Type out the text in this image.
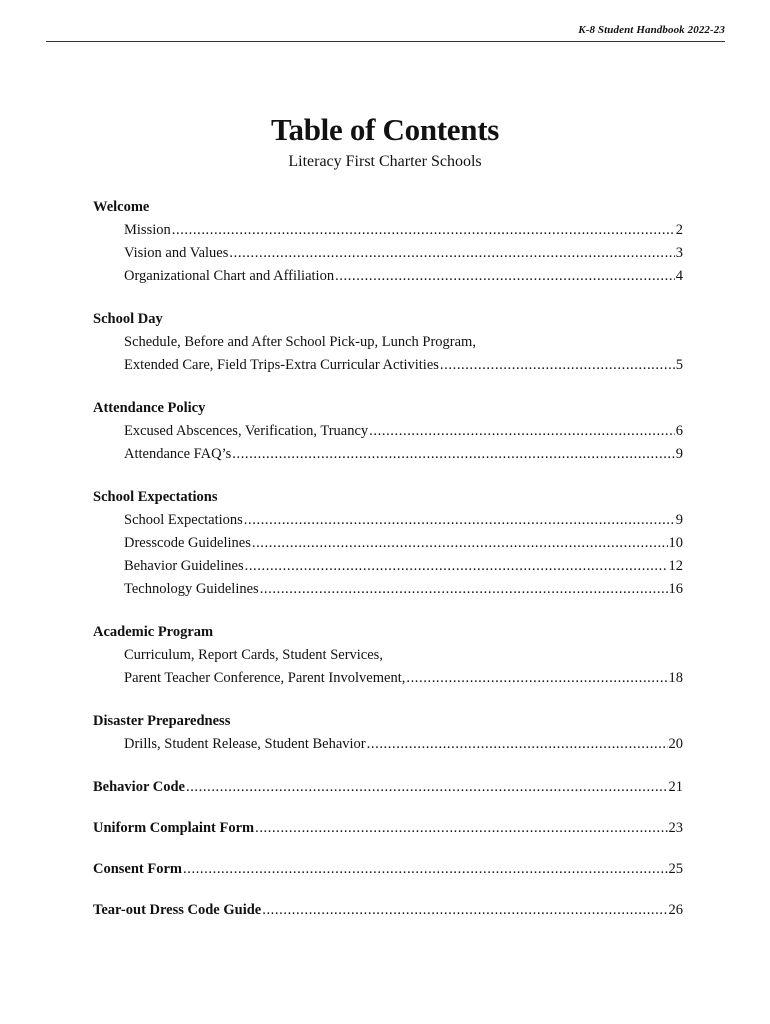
K-8 Student Handbook 2022-23
Table of Contents
Literacy First Charter Schools
Welcome
Mission .....	2
Vision and Values .....	3
Organizational Chart and Affiliation .....	4
School Day
Schedule, Before and After School Pick-up, Lunch Program,
Extended Care, Field Trips-Extra Curricular Activities .....	5
Attendance Policy
Excused Abscences, Verification, Truancy .....	6
Attendance FAQ’s .....	9
School Expectations
School Expectations .....	9
Dresscode Guidelines .....	10
Behavior Guidelines .....	12
Technology Guidelines .....	16
Academic Program
Curriculum, Report Cards, Student Services,
Parent Teacher Conference, Parent Involvement, .....	18
Disaster Preparedness
Drills, Student Release, Student Behavior .....	20
Behavior Code .....	21
Uniform Complaint Form .....	23
Consent Form .....	25
Tear-out Dress Code Guide .....	26
